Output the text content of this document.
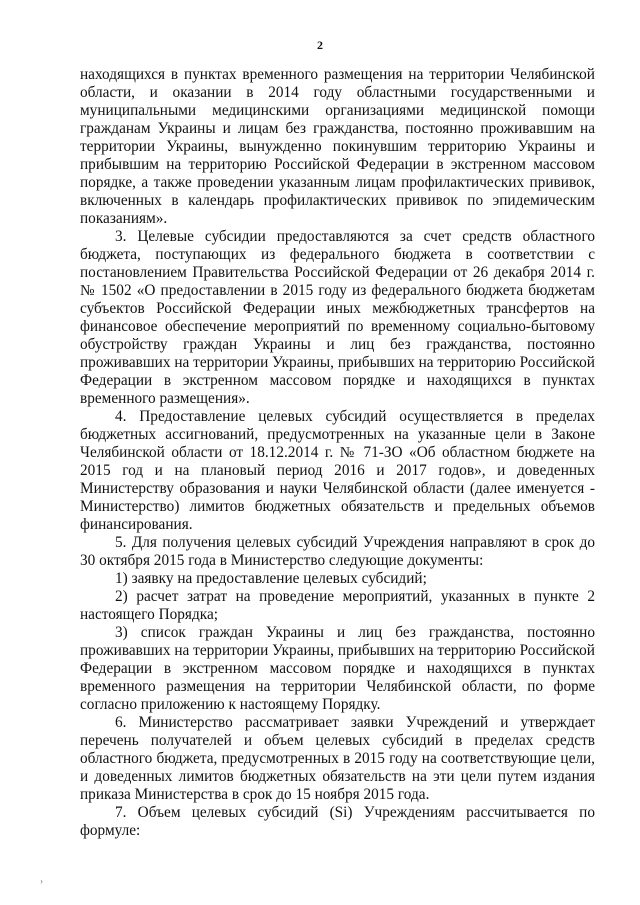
2

находящихся в пунктах временного размещения на территории Челябинской области, и оказании в 2014 году областными государственными и муниципальными медицинскими организациями медицинской помощи гражданам Украины и лицам без гражданства, постоянно проживавшим на территории Украины, вынужденно покинувшим территорию Украины и прибывшим на территорию Российской Федерации в экстренном массовом порядке, а также проведении указанным лицам профилактических прививок, включенных в календарь профилактических прививок по эпидемическим показаниям».

3. Целевые субсидии предоставляются за счет средств областного бюджета, поступающих из федерального бюджета в соответствии с постановлением Правительства Российской Федерации от 26 декабря 2014 г. № 1502 «О предоставлении в 2015 году из федерального бюджета бюджетам субъектов Российской Федерации иных межбюджетных трансфертов на финансовое обеспечение мероприятий по временному социально-бытовому обустройству граждан Украины и лиц без гражданства, постоянно проживавших на территории Украины, прибывших на территорию Российской Федерации в экстренном массовом порядке и находящихся в пунктах временного размещения».

4. Предоставление целевых субсидий осуществляется в пределах бюджетных ассигнований, предусмотренных на указанные цели в Законе Челябинской области от 18.12.2014 г. № 71-ЗО «Об областном бюджете на 2015 год и на плановый период 2016 и 2017 годов», и доведенных Министерству образования и науки Челябинской области (далее именуется - Министерство) лимитов бюджетных обязательств и предельных объемов финансирования.

5. Для получения целевых субсидий Учреждения направляют в срок до 30 октября 2015 года в Министерство следующие документы:

1) заявку на предоставление целевых субсидий;

2) расчет затрат на проведение мероприятий, указанных в пункте 2 настоящего Порядка;

3) список граждан Украины и лиц без гражданства, постоянно проживавших на территории Украины, прибывших на территорию Российской Федерации в экстренном массовом порядке и находящихся в пунктах временного размещения на территории Челябинской области, по форме согласно приложению к настоящему Порядку.

6. Министерство рассматривает заявки Учреждений и утверждает перечень получателей и объем целевых субсидий в пределах средств областного бюджета, предусмотренных в 2015 году на соответствующие цели, и доведенных лимитов бюджетных обязательств на эти цели путем издания приказа Министерства в срок до 15 ноября 2015 года.

7. Объем целевых субсидий (Si) Учреждениям рассчитывается по формуле:

›
